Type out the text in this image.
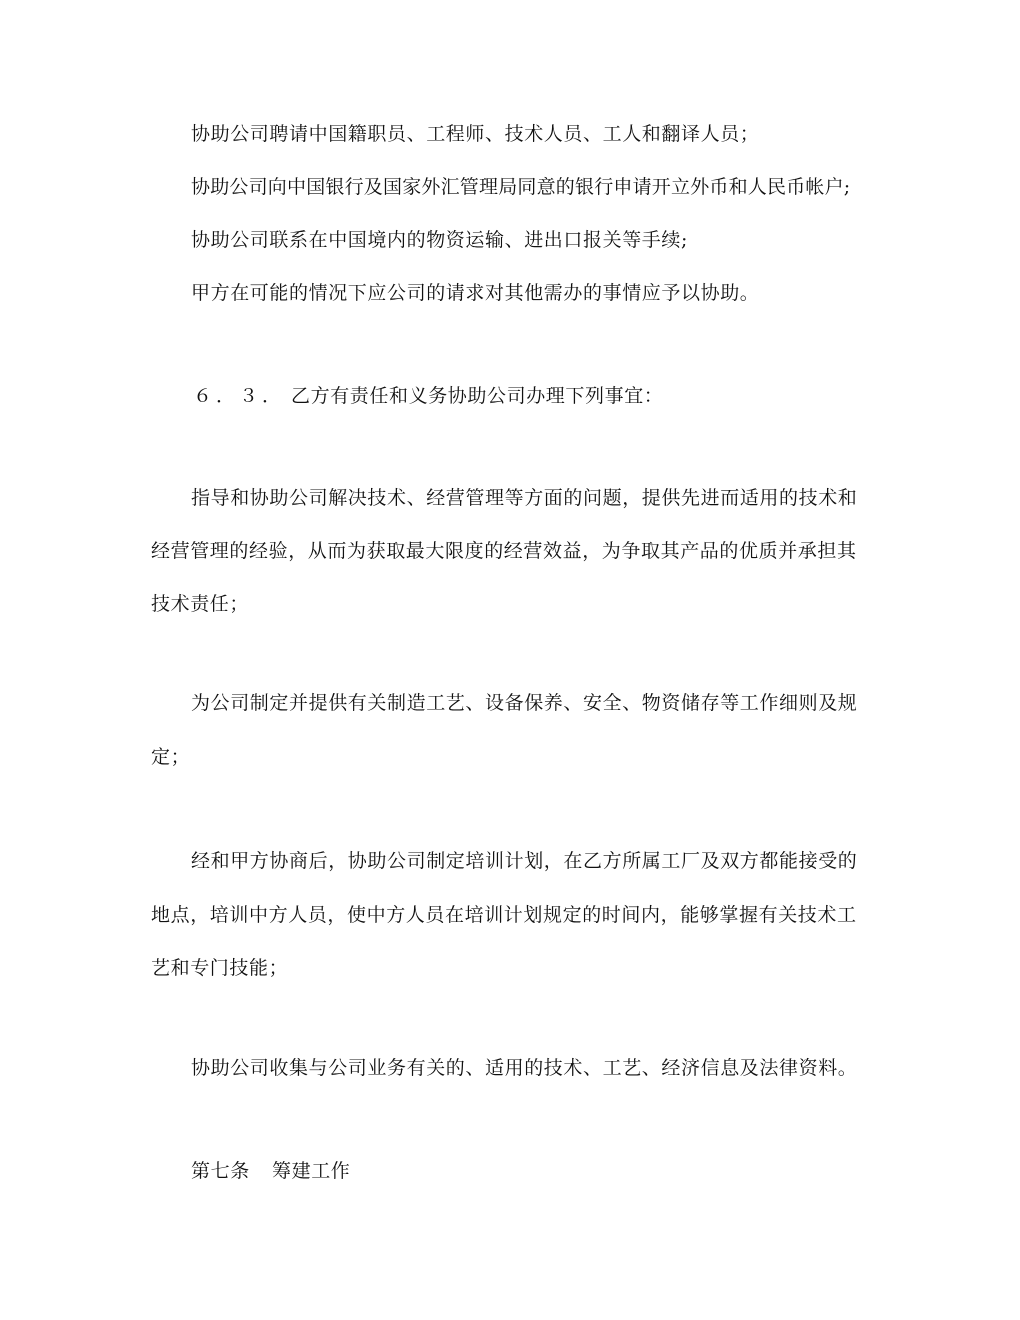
协助公司聘请中国籍职员、工程师、技术人员、工人和翻译人员；
协助公司向中国银行及国家外汇管理局同意的银行申请开立外币和人民币帐户;
协助公司联系在中国境内的物资运输、进出口报关等手续;
甲方在可能的情况下应公司的请求对其他需办的事情应予以协助。
６．３． 乙方有责任和义务协助公司办理下列事宜：
指导和协助公司解决技术、经营管理等方面的问题，提供先进而适用的技术和
经营管理的经验，从而为获取最大限度的经营效益，为争取其产品的优质并承担其
技术责任；
为公司制定并提供有关制造工艺、设备保养、安全、物资储存等工作细则及规
定；
经和甲方协商后，协助公司制定培训计划，在乙方所属工厂及双方都能接受的
地点，培训中方人员，使中方人员在培训计划规定的时间内，能够掌握有关技术工
艺和专门技能；
协助公司收集与公司业务有关的、适用的技术、工艺、经济信息及法律资料。
第七条 筹建工作
